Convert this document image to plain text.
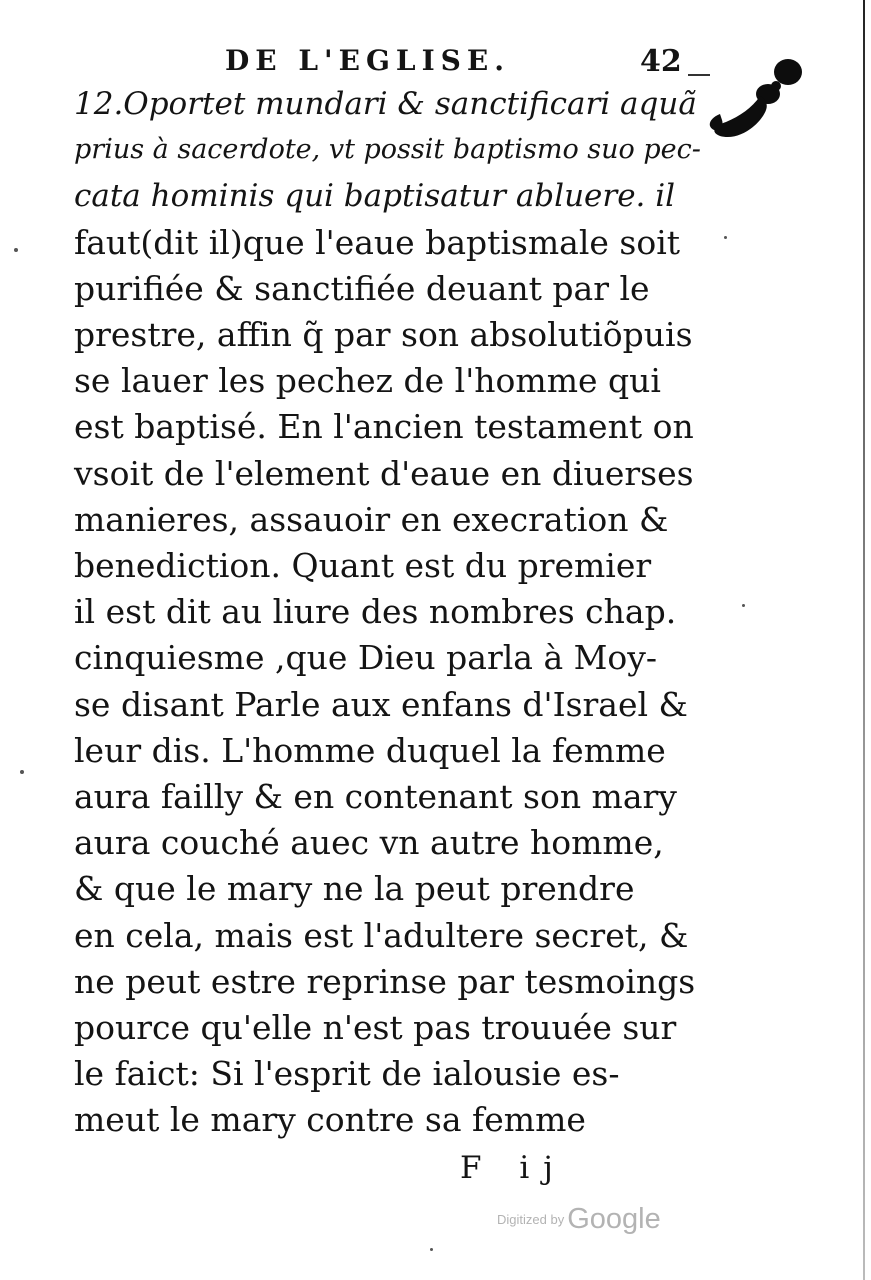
DE L'EGLISE.	42
12.Oportet mundari & sanctificari aquã
prius à sacerdote, vt possit baptismo suo pec-
cata hominis qui baptisatur abluere. il
faut(dit il)que l'eaue baptismale soit
purifiée & sanctifiée deuant par le
prestre, affin q̃ par son absolutiõpuis
se lauer les pechez de l'homme qui
est baptisé. En l'ancien testament on
vsoit de l'element d'eaue en diuerses
manieres, assauoir en execration &
benediction. Quant est du premier
il est dit au liure des nombres chap.
cinquiesme ,que Dieu parla à Moy-
se disant Parle aux enfans d'Israel &
leur dis. L'homme duquel la femme
aura failly & en contenant son mary
aura couché auec vn autre homme,
& que le mary ne la peut prendre
en cela, mais est l'adultere secret, &
ne peut estre reprinse par tesmoings
pource qu'elle n'est pas trouuée sur
le faict: Si l'esprit de ialousie es-
meut le mary contre sa femme
F ij
Digitized by Google
